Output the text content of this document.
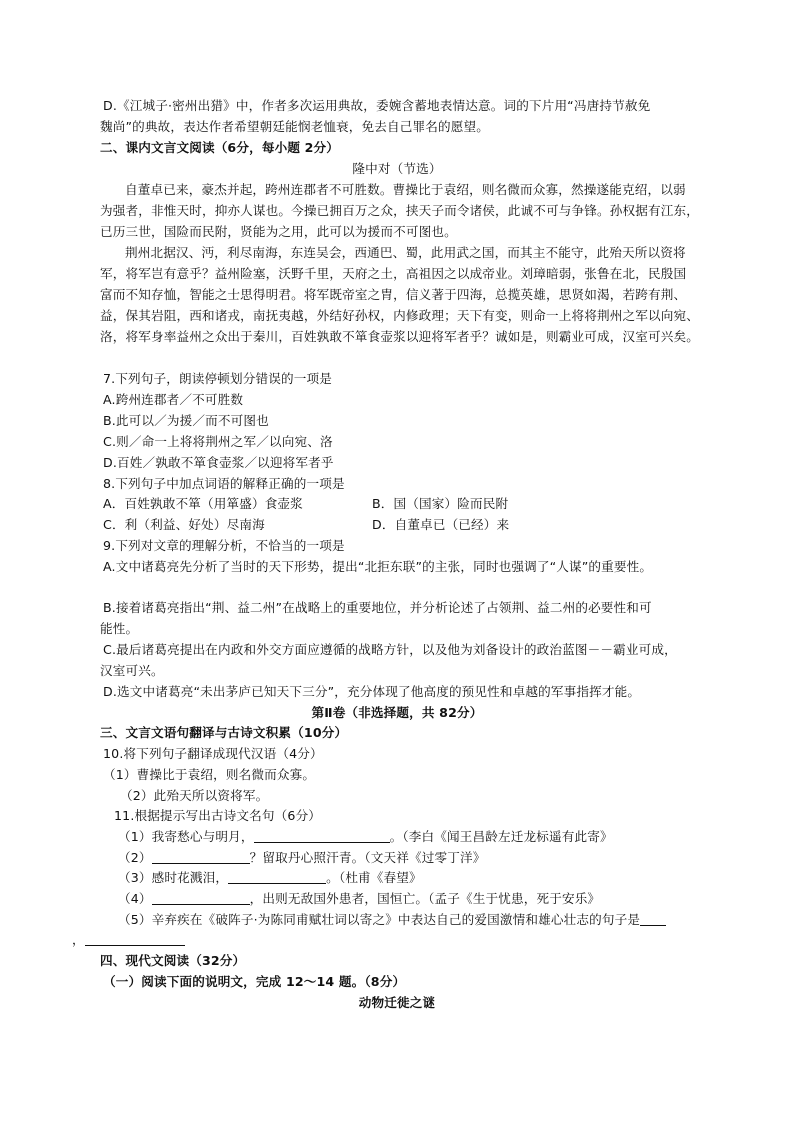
D.《江城子·密州出猎》中，作者多次运用典故，委婉含蓄地表情达意。词的下片用“冯唐持节赦免
魏尚”的典故，表达作者希望朝廷能悯老恤衰，免去自己罪名的愿望。
二、课内文言文阅读（6分，每小题 2分）
隆中对（节选）
自董卓已来，豪杰并起，跨州连郡者不可胜数。曹操比于袁绍，则名微而众寡，然操遂能克绍，以弱
为强者，非惟天时，抑亦人谋也。今操已拥百万之众，挟天子而令诸侯，此诚不可与争锋。孙权据有江东，
已历三世，国险而民附，贤能为之用，此可以为援而不可图也。
荆州北据汉、沔，利尽南海，东连吴会，西通巴、蜀，此用武之国，而其主不能守，此殆天所以资将
军，将军岂有意乎？益州险塞，沃野千里，天府之土，高祖因之以成帝业。刘璋暗弱，张鲁在北，民殷国
富而不知存恤，智能之士思得明君。将军既帝室之胄，信义著于四海，总揽英雄，思贤如渴，若跨有荆、
益，保其岩阻，西和诸戎，南抚夷越，外结好孙权，内修政理；天下有变，则命一上将将荆州之军以向宛、
洛，将军身率益州之众出于秦川，百姓孰敢不箪食壶浆以迎将军者乎？诚如是，则霸业可成，汉室可兴矣。
7.下列句子，朗读停顿划分错误的一项是
A.跨州连郡者／不可胜数
B.此可以／为援／而不可图也
C.则／命一上将将荆州之军／以向宛、洛
D.百姓／孰敢不箪食壶浆／以迎将军者乎
8.下列句子中加点词语的解释正确的一项是
A．百姓孰敢不箪（用箪盛）食壶浆	B．国（国家）险而民附
C．利（利益、好处）尽南海	D．自董卓已（已经）来
9.下列对文章的理解分析，不恰当的一项是
A.文中诸葛亮先分析了当时的天下形势，提出“北拒东联”的主张，同时也强调了“人谋”的重要性。
B.接着诸葛亮指出“荆、益二州”在战略上的重要地位，并分析论述了占领荆、益二州的必要性和可
能性。
C.最后诸葛亮提出在内政和外交方面应遵循的战略方针，以及他为刘备设计的政治蓝图－－霸业可成，
汉室可兴。
D.选文中诸葛亮“未出茅庐已知天下三分”，充分体现了他高度的预见性和卓越的军事指挥才能。
第Ⅱ卷（非选择题，共 82分）
三、文言文语句翻译与古诗文积累（10分）
10.将下列句子翻译成现代汉语（4分）
（1）曹操比于袁绍，则名微而众寡。
（2）此殆天所以资将军。
11.根据提示写出古诗文名句（6分）
（1）我寄愁心与明月，	。（李白《闻王昌龄左迁龙标遥有此寄》
（2）	？留取丹心照汗青。（文天祥《过零丁洋》
（3）感时花溅泪，	。（杜甫《春望》
（4）	，出则无敌国外患者，国恒亡。（孟子《生于忧患，死于安乐》
（5）辛弃疾在《破阵子·为陈同甫赋壮词以寄之》中表达自己的爱国激情和雄心壮志的句子是
，
四、现代文阅读（32分）
（一）阅读下面的说明文，完成 12～14 题。（8分）
动物迁徙之谜
